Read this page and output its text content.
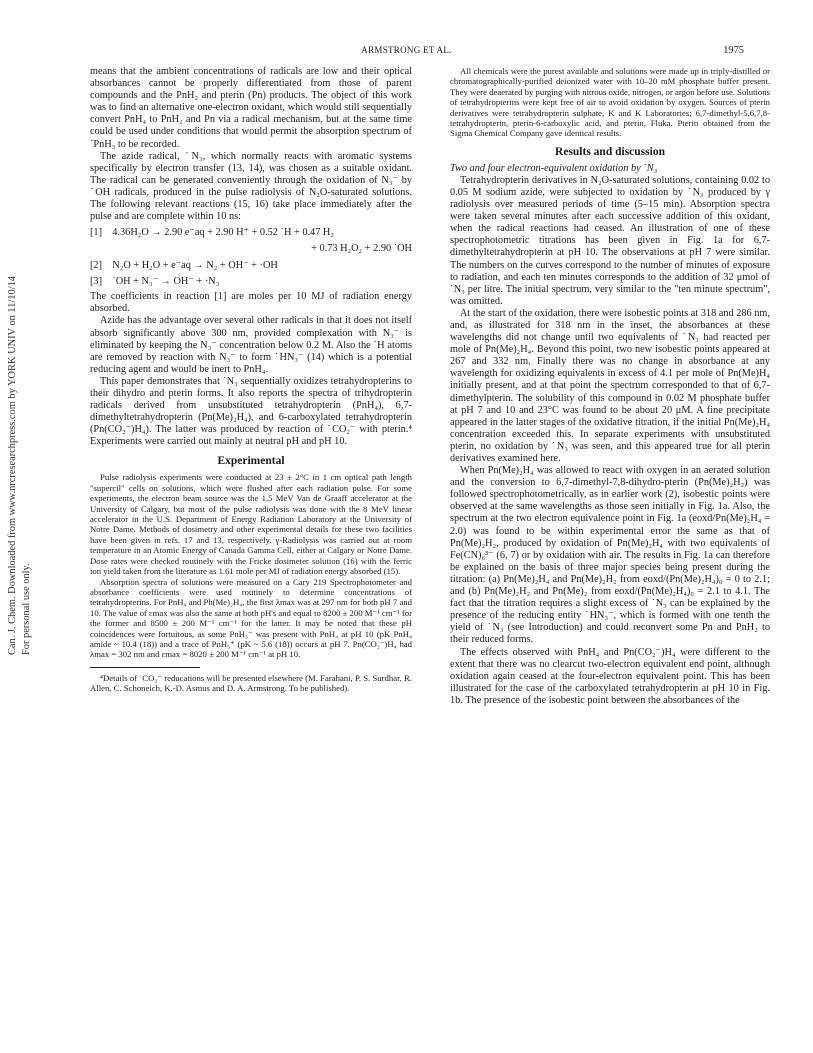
Can. J. Chem. Downloaded from www.nrcresearchpress.com by YORK UNIV on 11/10/14 For personal use only.
ARMSTRONG ET AL.	1975

means that the ambient concentrations of radicals are low and their optical absorbances cannot be properly differentiated from those of parent compounds and the PnH₂ and pterin (Pn) products. The object of this work was to find an alternative one-electron oxidant, which would still sequentially convert PnH₄ to PnH₂ and Pn via a radical mechanism, but at the same time could be used under conditions that would permit the absorption spectrum of ˙PnH₃ to be recorded.

The azide radical, ˙N₃, which normally reacts with aromatic systems specifically by electron transfer (13, 14), was chosen as a suitable oxidant. The radical can be generated conveniently through the oxidation of N₃⁻ by ˙OH radicals, produced in the pulse radiolysis of N₂O-saturated solutions. The following relevant reactions (15, 16) take place immediately after the pulse and are complete within 10 ns:

[1]    4.36H₂O → 2.90 e⁻aq + 2.90 H⁺ + 0.52 ˙H + 0.47 H₂
+ 0.73 H₂O₂ + 2.90 ˙OH
[2]    N₂O + H₂O + e⁻aq → N₂ + OH⁻ + ·OH
[3]    ˙OH + N₃⁻ → OH⁻ + ·N₃

The coefficients in reaction [1] are moles per 10 MJ of radiation energy absorbed.

Azide has the advantage over several other radicals in that it does not itself absorb significantly above 300 nm, provided complexation with N₃⁻ is eliminated by keeping the N₃⁻ concentration below 0.2 M. Also the ˙H atoms are removed by reaction with N₃⁻ to form ˙HN₃⁻ (14) which is a potential reducing agent and would be inert to PnH₄.

This paper demonstrates that ˙N₃ sequentially oxidizes tetrahydropterins to their dihydro and pterin forms. It also reports the spectra of trihydropterin radicals derived from unsubstituted tetrahydropterin (PnH₄), 6,7-dimethyltetrahydropterin (Pn(Me)₂H₄), and 6-carboxylated tetrahydropterin (Pn(CO₂⁻)H₄). The latter was produced by reaction of ˙CO₂⁻ with pterin.⁴ Experiments were carried out mainly at neutral pH and pH 10.

Experimental

Pulse radiolysis experiments were conducted at 23 ± 2°C in 1 cm optical path length "supercil" cells on solutions, which were flushed after each radiation pulse. For some experiments, the electron beam source was the 1.5 MeV Van de Graaff accelerator at the University of Calgary, but most of the pulse radiolysis was done with the 8 MeV linear accelerator in the U.S. Department of Energy Radiation Laboratory at the University of Notre Dame. Methods of dosimetry and other experimental details for these two facilities have been given in refs. 17 and 13, respectively. γ-Radiolysis was carried out at room temperature in an Atomic Energy of Canada Gamma Cell, either at Calgary or Notre Dame. Dose rates were checked routinely with the Fricke dosimeter solution (16) with the ferric ion yield taken from the literature as 1.61 mole per MJ of radiation energy absorbed (15).

Absorption spectra of solutions were measured on a Cary 219 Spectrophotometer and absorbance coefficients were used routinely to determine concentrations of tetrahydropterins. For PnH₄ and Ph(Me)₂H₄, the first λmax was at 297 nm for both pH 7 and 10. The value of εmax was also the same at both pH's and equal to 8200 ± 200 M⁻¹ cm⁻¹ for the former and 8500 ± 200 M⁻¹ cm⁻¹ for the latter. It may be noted that these pH coincidences were fortuitous, as some PnH₃⁻ was present with PnH₄ at pH 10 (pK PnH₄ amide ~ 10.4 (18)) and a trace of PnH₅⁺ (pK ~ 5.6 (18)) occurs at pH 7. Pn(CO₂⁻)H₄ had λmax = 302 nm and εmax = 8020 ± 200 M⁻¹ cm⁻¹ at pH 10.

⁴Details of ˙CO₂⁻ reducations will be presented elsewhere (M. Farahani, P. S. Surdhar, R. Allen, C. Schoneich, K.-D. Asmus and D. A. Armstrong. To be published).

All chemicals were the purest available and solutions were made up in triply-distilled or chromatographically-purified deionized water with 10–20 mM phosphate buffer present. They were deaerated by purging with nitrous oxide, nitrogen, or argon before use. Solutions of tetrahydropterins were kept free of air to avoid oxidation by oxygen. Sources of pterin derivatives were tetrahydropterin sulphate, K and K Laboratories; 6,7-dimethyl-5,6,7,8-tetrahydropterin, pterin-6-carboxylic acid, and pterin, Fluka. Pterin obtained from the Sigma Chemical Company gave identical results.

Results and discussion
Two and four electron-equivalent oxidation by ˙N₃

Tetrahydropterin derivatives in N₂O-saturated solutions, containing 0.02 to 0.05 M sodium azide, were subjected to oxidation by ˙N₃ produced by γ radiolysis over measured periods of time (5–15 min). Absorption spectra were taken several minutes after each successive addition of this oxidant, when the radical reactions had ceased. An illustration of one of these spectrophotometric titrations has been given in Fig. 1a for 6,7-dimethyltetrahydropterin at pH 10. The observations at pH 7 were similar. The numbers on the curves correspond to the number of minutes of exposure to radiation, and each ten minutes corresponds to the addition of 32 μmol of ˙N₃ per litre. The initial spectrum, very similar to the "ten minute spectrum", was omitted.

At the start of the oxidation, there were isobestic points at 318 and 286 nm, and, as illustrated for 318 nm in the inset, the absorbances at these wavelengths did not change until two equivalents of ˙N₃ had reacted per mole of Pn(Me)₂H₄. Beyond this point, two new isobestic points appeared at 267 and 332 nm. Finally there was no change in absorbance at any wavelength for oxidizing equivalents in excess of 4.1 per mole of Pn(Me)H₄ initially present, and at that point the spectrum corresponded to that of 6,7-dimethylpterin. The solubility of this compound in 0.02 M phosphate buffer at pH 7 and 10 and 23°C was found to be about 20 μM. A fine precipitate appeared in the latter stages of the oxidative titration, if the initial Pn(Me)₂H₄ concentration exceeded this. In separate experiments with unsubstituted pterin, no oxidation by ˙N₃ was seen, and this appeared true for all pterin derivatives examined here.

When Pn(Me)₂H₄ was allowed to react with oxygen in an aerated solution and the conversion to 6,7-dimethyl-7,8-dihydro-pterin (Pn(Me)₂H₂) was followed spectrophotometrically, as in earlier work (2), isobestic points were observed at the same wavelengths as those seen initially in Fig. 1a. Also, the spectrum at the two electron equivalence point in Fig. 1a (eoxd/Pn(Me)₂H₄ = 2.0) was found to be within experimental error the same as that of Pn(Me)₂H₂, produced by oxidation of Pn(Me)₂H₄ with two equivalents of Fe(CN)₆³⁻ (6, 7) or by oxidation with air. The results in Fig. 1a can therefore be explained on the basis of three major species being present during the titration: (a) Pn(Me)₂H₄ and Pn(Me)₂H₂ from eoxd/(Pn(Me)₂H₄)₀ = 0 to 2.1; and (b) Pn(Me)₂H₂ and Pn(Me)₂ from eoxd/(Pn(Me)₂H₄)₀ = 2.1 to 4.1. The fact that the titration requires a slight excess of ˙N₃ can be explained by the presence of the reducing entity ˙HN₃⁻, which is formed with one tenth the yield of ˙N₃ (see Introduction) and could reconvert some Pn and PnH₂ to their reduced forms.

The effects observed with PnH₄ and Pn(CO₂⁻)H₄ were different to the extent that there was no clearcut two-electron equivalent end point, although oxidation again ceased at the four-electron equivalent point. This has been illustrated for the case of the carboxylated tetrahydropterin at pH 10 in Fig. 1b. The presence of the isobestic point between the absorbances of the
